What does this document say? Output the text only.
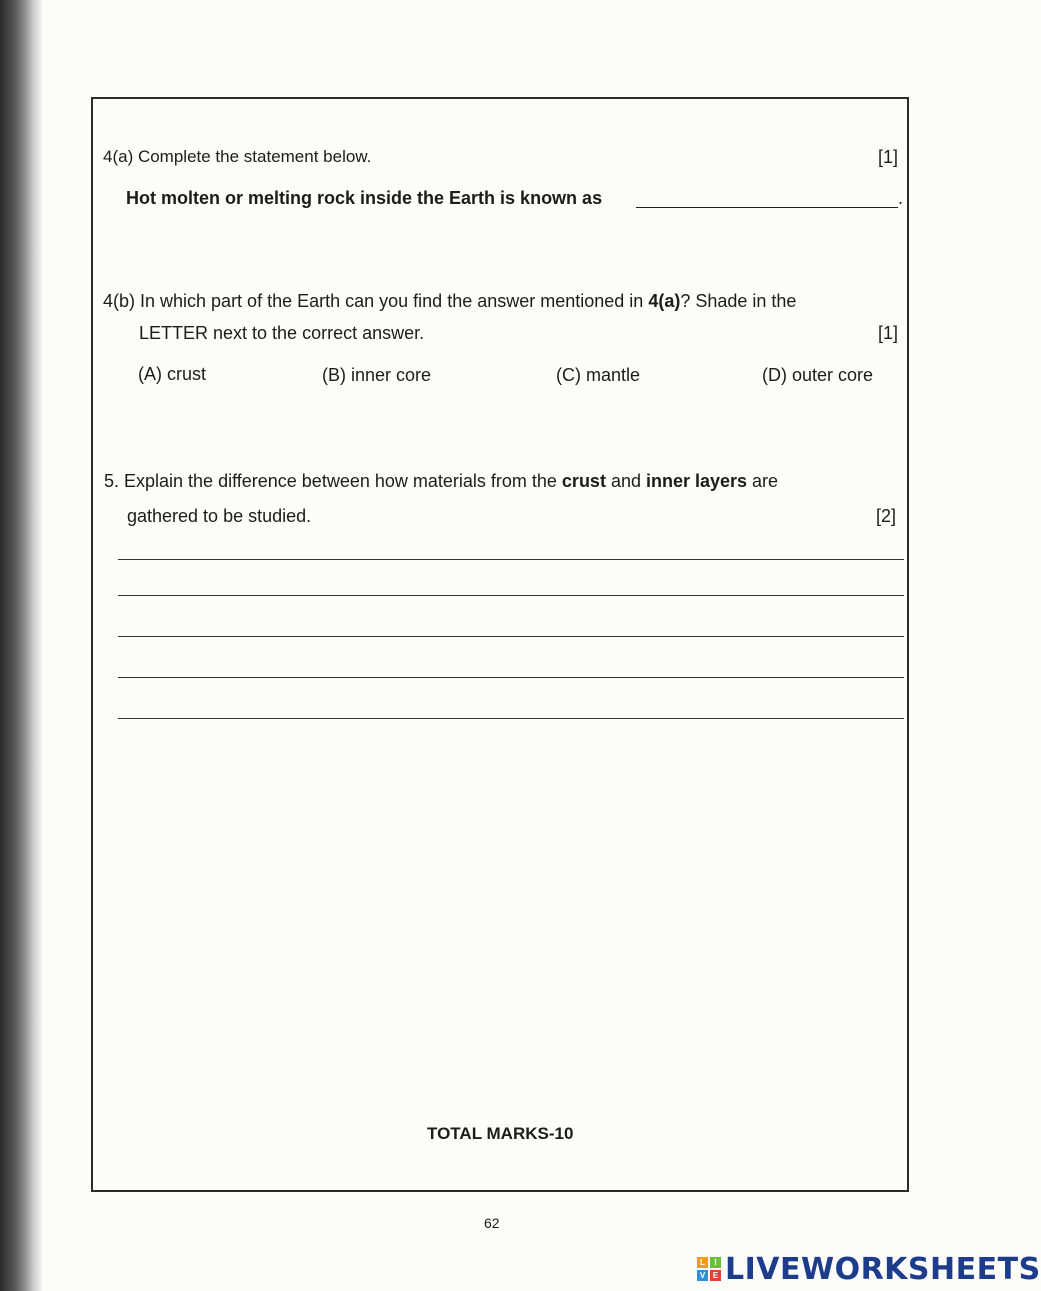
4(a) Complete the statement below.	[1]
Hot molten or melting rock inside the Earth is known as	.
4(b) In which part of the Earth can you find the answer mentioned in 4(a)? Shade in the
LETTER next to the correct answer.	[1]
(A) crust	(B) inner core	(C) mantle	(D) outer core
5. Explain the difference between how materials from the crust and inner layers are
gathered to be studied.	[2]
TOTAL MARKS-10
62
L	I
V E LIVEWORKSHEETS
